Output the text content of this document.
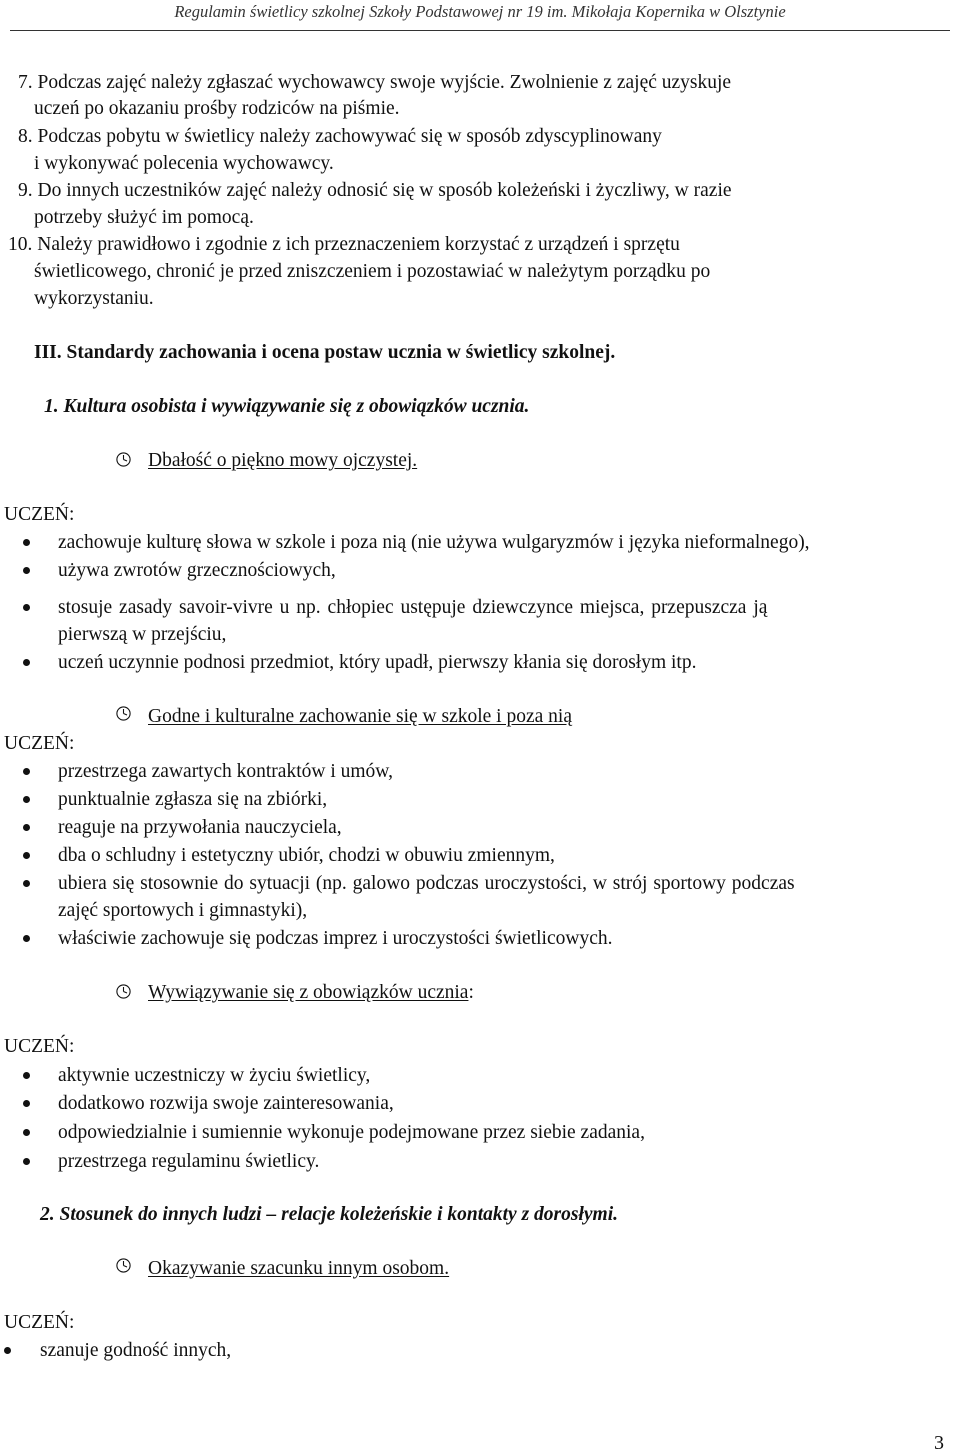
Regulamin świetlicy szkolnej Szkoły Podstawowej nr 19 im. Mikołaja Kopernika w Olsztynie
7. Podczas zajęć należy zgłaszać wychowawcy swoje wyjście. Zwolnienie z zajęć uzyskuje
uczeń po okazaniu prośby rodziców na piśmie.
8. Podczas pobytu w świetlicy należy zachowywać się w sposób zdyscyplinowany
i wykonywać polecenia wychowawcy.
9. Do innych uczestników zajęć należy odnosić się w sposób koleżeński i życzliwy, w razie
potrzeby służyć im pomocą.
10. Należy prawidłowo i zgodnie z ich przeznaczeniem korzystać z urządzeń i sprzętu
świetlicowego, chronić je przed zniszczeniem i pozostawiać w należytym porządku po
wykorzystaniu.
III. Standardy zachowania i ocena postaw ucznia w świetlicy szkolnej.
1. Kultura osobista i wywiązywanie się z obowiązków ucznia.
Dbałość o piękno mowy ojczystej.
UCZEŃ:
zachowuje kulturę słowa w szkole i poza nią (nie używa wulgaryzmów i języka nieformalnego),
używa zwrotów grzecznościowych,
stosuje zasady savoir-vivre u np. chłopiec ustępuje dziewczynce miejsca, przepuszcza ją
pierwszą w przejściu,
uczeń uczynnie podnosi przedmiot, który upadł, pierwszy kłania się dorosłym itp.
Godne i kulturalne zachowanie się w szkole i poza nią
UCZEŃ:
przestrzega zawartych kontraktów i umów,
punktualnie zgłasza się na zbiórki,
reaguje na przywołania nauczyciela,
dba o schludny i estetyczny ubiór, chodzi w obuwiu zmiennym,
ubiera się stosownie do sytuacji (np. galowo podczas uroczystości, w strój sportowy podczas
zajęć sportowych i gimnastyki),
właściwie zachowuje się podczas imprez i uroczystości świetlicowych.
Wywiązywanie się z obowiązków ucznia:
UCZEŃ:
aktywnie uczestniczy w życiu świetlicy,
dodatkowo rozwija swoje zainteresowania,
odpowiedzialnie i sumiennie wykonuje podejmowane przez siebie zadania,
przestrzega regulaminu świetlicy.
2. Stosunek do innych ludzi – relacje koleżeńskie i kontakty z dorosłymi.
Okazywanie szacunku innym osobom.
UCZEŃ:
szanuje godność innych,
3
